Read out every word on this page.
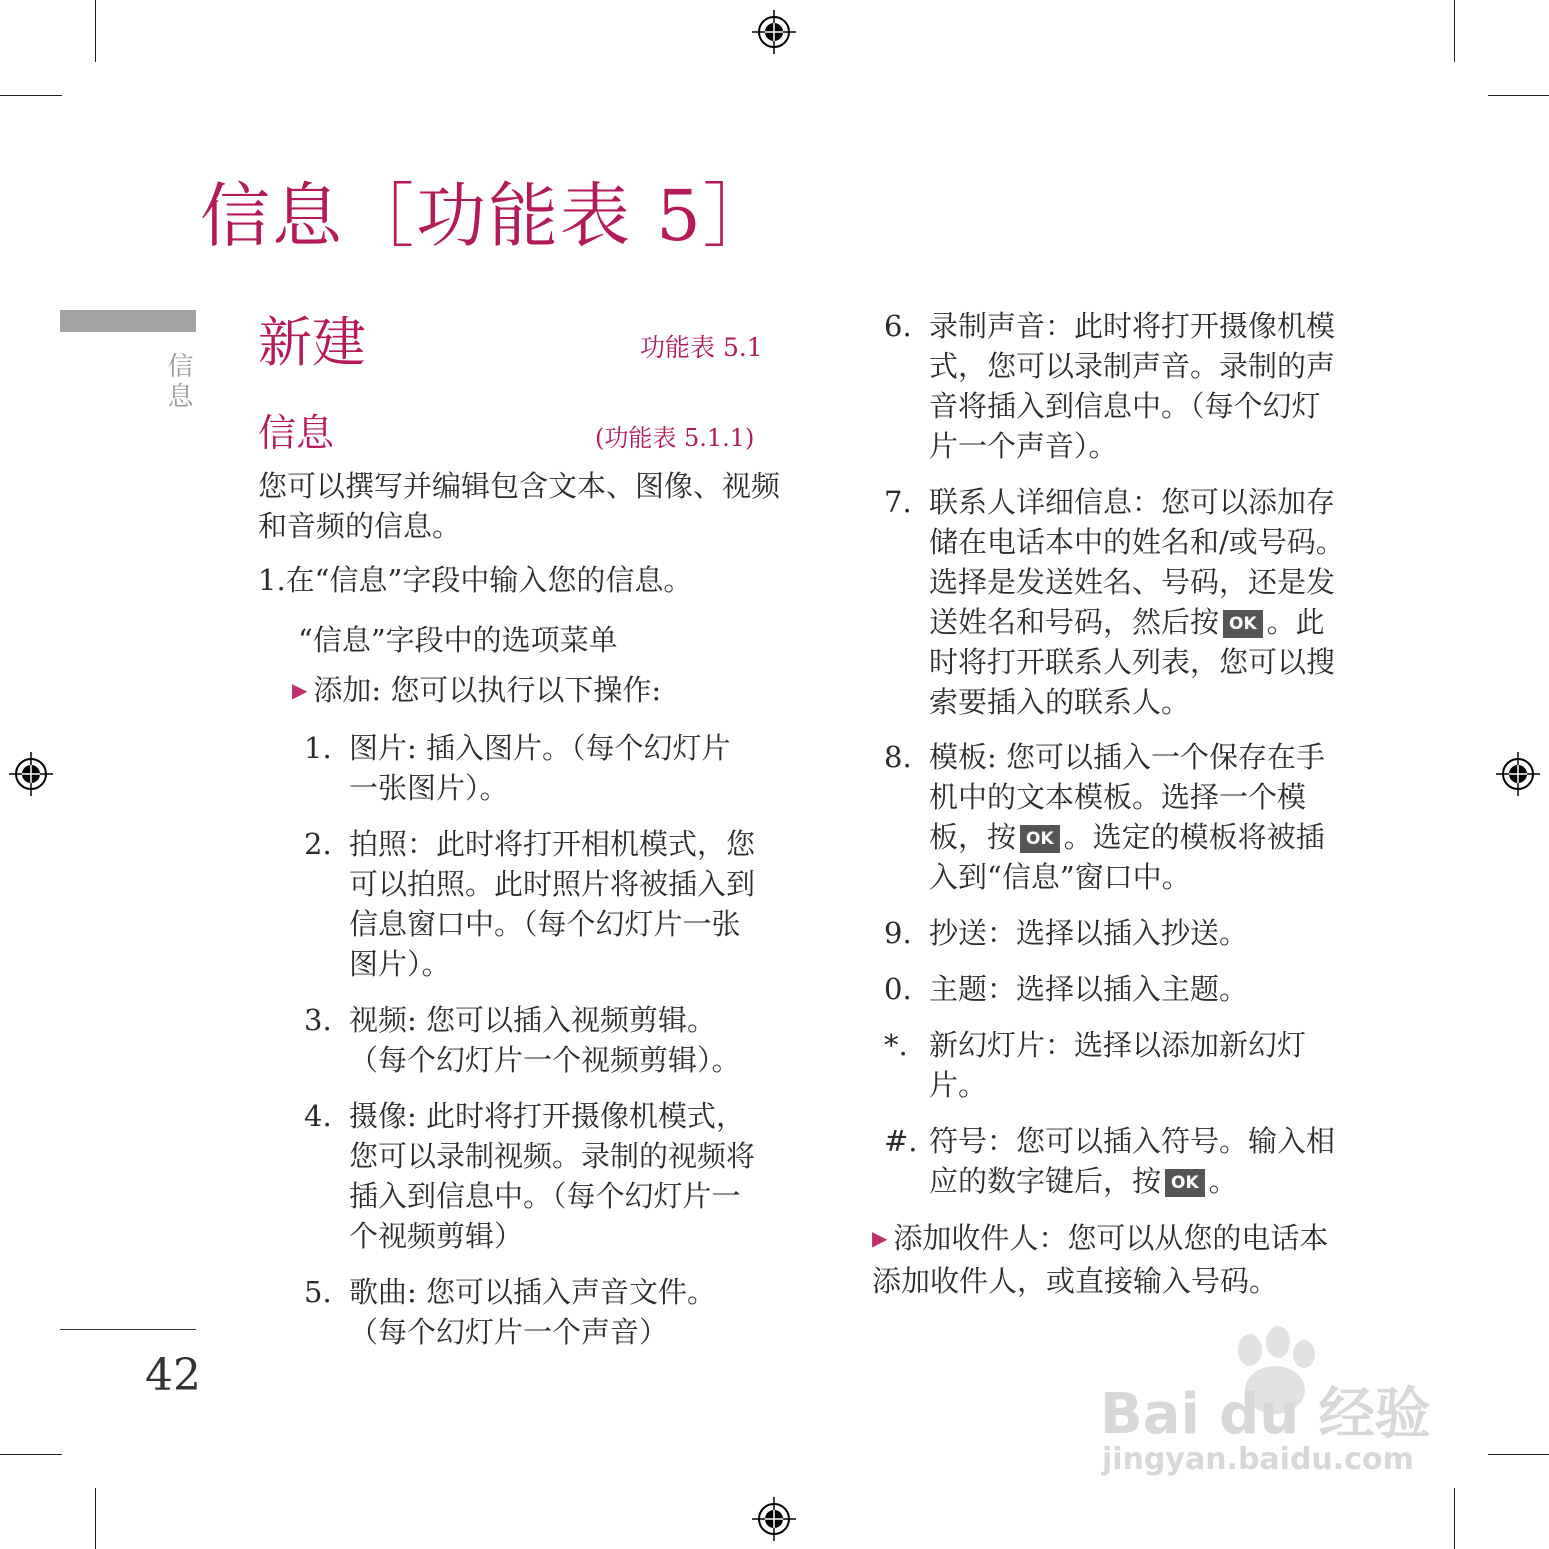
信息［功能表 5］
信息
42
新建	功能表 5.1
信息	(功能表 5.1.1)
您可以撰写并编辑包含文本、图像、视频和音频的信息。
1.在“信息”字段中输入您的信息。
“信息”字段中的选项菜单
▶ 添加: 您可以执行以下操作:
1. 图片: 插入图片。（每个幻灯片一张图片）。
2. 拍照：此时将打开相机模式，您可以拍照。此时照片将被插入到信息窗口中。（每个幻灯片一张图片）。
3. 视频: 您可以插入视频剪辑。（每个幻灯片一个视频剪辑）。
4. 摄像: 此时将打开摄像机模式，您可以录制视频。录制的视频将插入到信息中。（每个幻灯片一个视频剪辑）
5. 歌曲: 您可以插入声音文件。（每个幻灯片一个声音）
6. 录制声音：此时将打开摄像机模式，您可以录制声音。录制的声音将插入到信息中。（每个幻灯片一个声音）。
7. 联系人详细信息：您可以添加存储在电话本中的姓名和/或号码。选择是发送姓名、号码，还是发送姓名和号码，然后按 OK 。此时将打开联系人列表，您可以搜索要插入的联系人。
8. 模板: 您可以插入一个保存在手机中的文本模板。选择一个模板，按 OK 。选定的模板将被插入到“信息”窗口中。
9. 抄送：选择以插入抄送。
0. 主题：选择以插入主题。
*. 新幻灯片：选择以添加新幻灯片。
#. 符号：您可以插入符号。输入相应的数字键后，按 OK 。
▶ 添加收件人：您可以从您的电话本添加收件人，或直接输入号码。
Bai du 经验
jingyan.baidu.com
